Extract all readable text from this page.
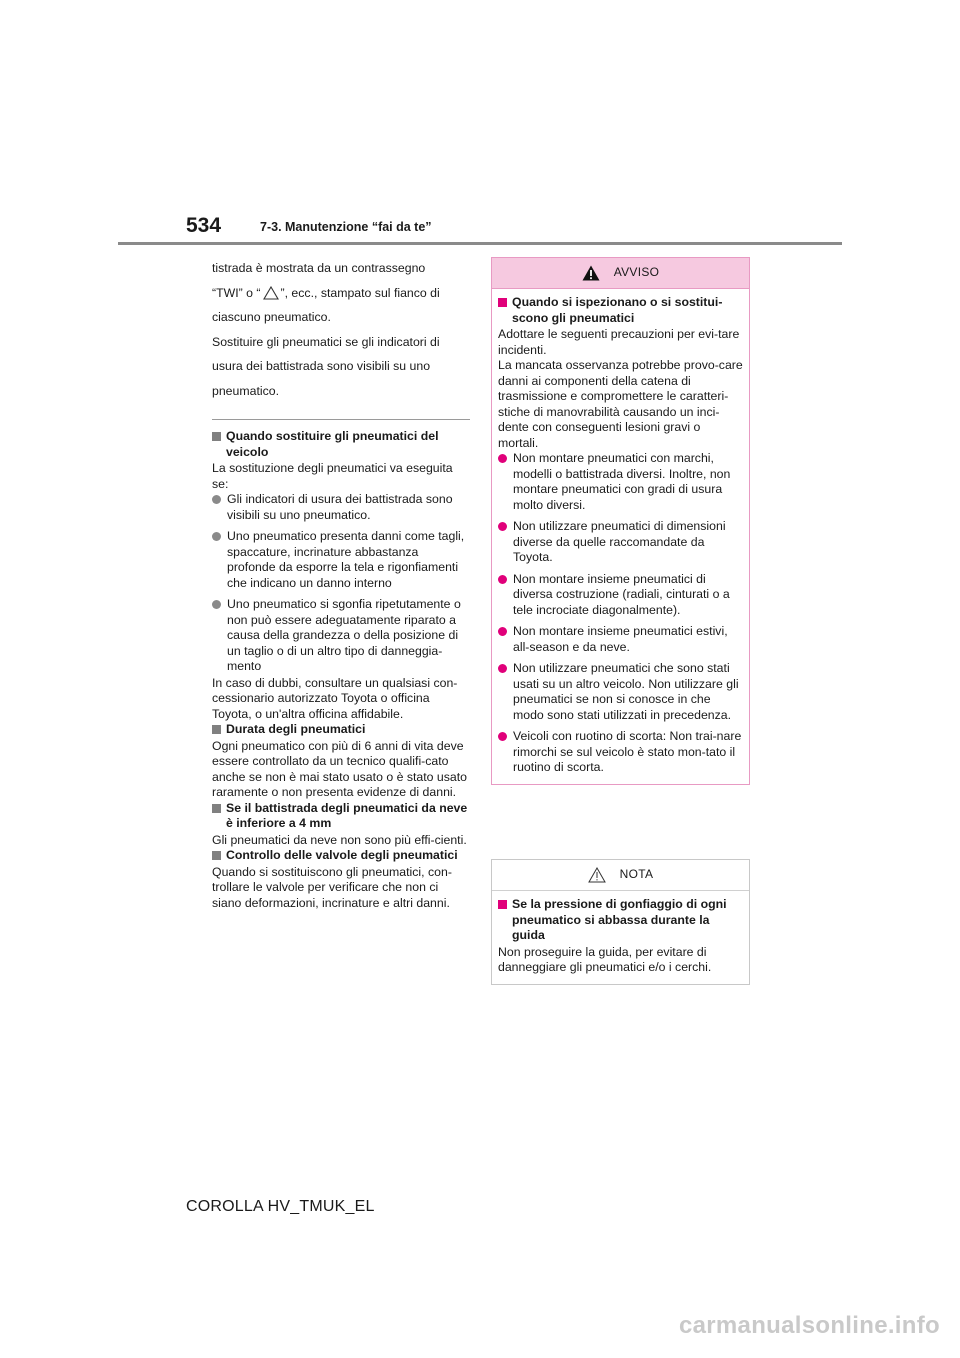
534	7-3. Manutenzione “fai da te”

tistrada è mostrata da un contrassegno

“TWI” o “ ”, ecc., stampato sul fianco di

ciascuno pneumatico.

Sostituire gli pneumatici se gli indicatori di

usura dei battistrada sono visibili su uno

pneumatico.

Quando sostituire gli pneumatici del veicolo

La sostituzione degli pneumatici va eseguita se:

Gli indicatori di usura dei battistrada sono visibili su uno pneumatico.
Uno pneumatico presenta danni come tagli, spaccature, incrinature abbastanza profonde da esporre la tela e rigonfiamenti che indicano un danno interno
Uno pneumatico si sgonfia ripetutamente o non può essere adeguatamente riparato a causa della grandezza o della posizione di un taglio o di un altro tipo di danneggia-mento

In caso di dubbi, consultare un qualsiasi con-cessionario autorizzato Toyota o officina Toyota, o un'altra officina affidabile.

Durata degli pneumatici

Ogni pneumatico con più di 6 anni di vita deve essere controllato da un tecnico qualifi-cato anche se non è mai stato usato o è stato usato raramente o non presenta evidenze di danni.

Se il battistrada degli pneumatici da neve è inferiore a 4 mm

Gli pneumatici da neve non sono più effi-cienti.

Controllo delle valvole degli pneumatici

Quando si sostituiscono gli pneumatici, con-trollare le valvole per verificare che non ci siano deformazioni, incrinature e altri danni.

AVVISO
Quando si ispezionano o si sostitui-scono gli pneumatici

Adottare le seguenti precauzioni per evi-tare incidenti.

La mancata osservanza potrebbe provo-care danni ai componenti della catena di trasmissione e compromettere le caratteri-stiche di manovrabilità causando un inci-dente con conseguenti lesioni gravi o mortali.

Non montare pneumatici con marchi, modelli o battistrada diversi. Inoltre, non montare pneumatici con gradi di usura molto diversi.
Non utilizzare pneumatici di dimensioni diverse da quelle raccomandate da Toyota.
Non montare insieme pneumatici di diversa costruzione (radiali, cinturati o a tele incrociate diagonalmente).
Non montare insieme pneumatici estivi, all-season e da neve.
Non utilizzare pneumatici che sono stati usati su un altro veicolo. Non utilizzare gli pneumatici se non si conosce in che modo sono stati utilizzati in precedenza.
Veicoli con ruotino di scorta: Non trai-nare rimorchi se sul veicolo è stato mon-tato il ruotino di scorta.
NOTA
Se la pressione di gonfiaggio di ogni pneumatico si abbassa durante la guida

Non proseguire la guida, per evitare di danneggiare gli pneumatici e/o i cerchi.

COROLLA HV_TMUK_EL
carmanualsonline.info
